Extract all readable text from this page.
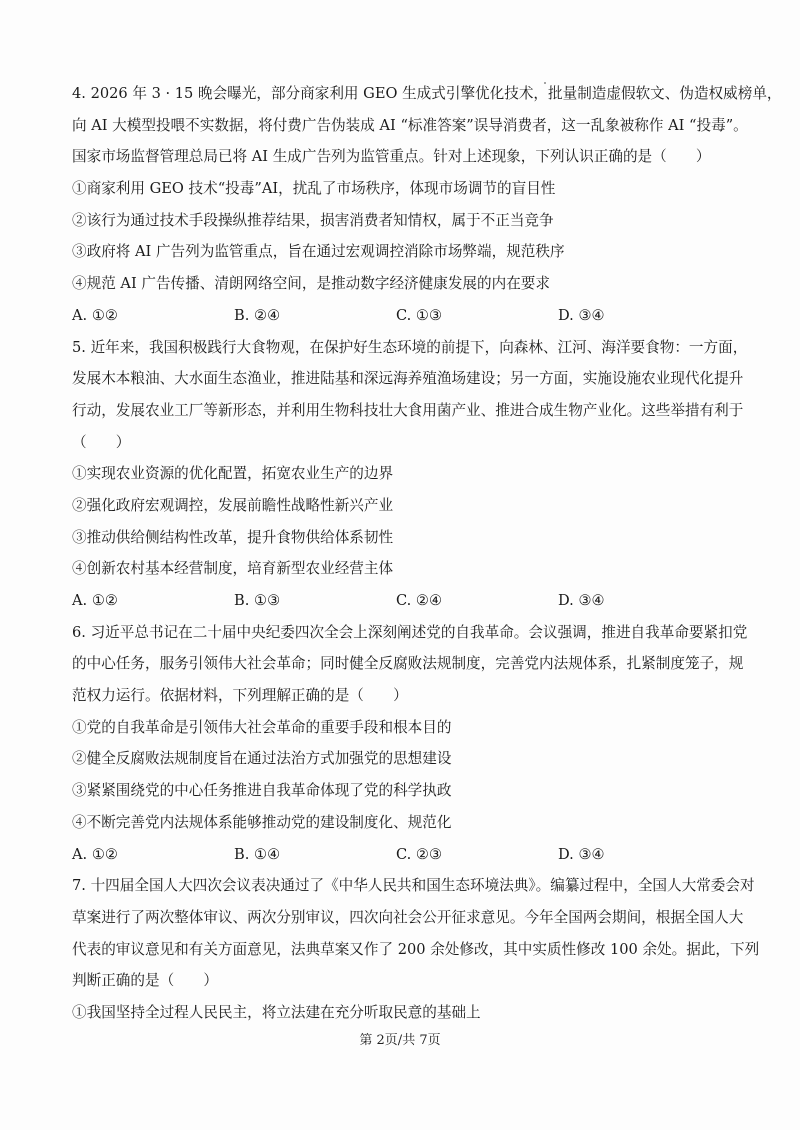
4. 2026 年 3 · 15 晚会曝光，部分商家利用 GEO 生成式引擎优化技术，批量制造虚假软文、伪造权威榜单，
向 AI 大模型投喂不实数据，将付费广告伪装成 AI “标准答案”误导消费者，这一乱象被称作 AI “投毒”。
国家市场监督管理总局已将 AI 生成广告列为监管重点。针对上述现象，下列认识正确的是（　　）
①商家利用 GEO 技术“投毒”AI，扰乱了市场秩序，体现市场调节的盲目性
②该行为通过技术手段操纵推荐结果，损害消费者知情权，属于不正当竞争
③政府将 AI 广告列为监管重点，旨在通过宏观调控消除市场弊端，规范秩序
④规范 AI 广告传播、清朗网络空间，是推动数字经济健康发展的内在要求
A. ①②	B. ②④	C. ①③	D. ③④
5. 近年来，我国积极践行大食物观，在保护好生态环境的前提下，向森林、江河、海洋要食物：一方面，
发展木本粮油、大水面生态渔业，推进陆基和深远海养殖渔场建设；另一方面，实施设施农业现代化提升
行动，发展农业工厂等新形态，并利用生物科技壮大食用菌产业、推进合成生物产业化。这些举措有利于
（　　）
①实现农业资源的优化配置，拓宽农业生产的边界
②强化政府宏观调控，发展前瞻性战略性新兴产业
③推动供给侧结构性改革，提升食物供给体系韧性
④创新农村基本经营制度，培育新型农业经营主体
A. ①②	B. ①③	C. ②④	D. ③④
6. 习近平总书记在二十届中央纪委四次全会上深刻阐述党的自我革命。会议强调，推进自我革命要紧扣党
的中心任务，服务引领伟大社会革命；同时健全反腐败法规制度，完善党内法规体系，扎紧制度笼子，规
范权力运行。依据材料，下列理解正确的是（　　）
①党的自我革命是引领伟大社会革命的重要手段和根本目的
②健全反腐败法规制度旨在通过法治方式加强党的思想建设
③紧紧围绕党的中心任务推进自我革命体现了党的科学执政
④不断完善党内法规体系能够推动党的建设制度化、规范化
A. ①②	B. ①④	C. ②③	D. ③④
7. 十四届全国人大四次会议表决通过了《中华人民共和国生态环境法典》。编纂过程中，全国人大常委会对
草案进行了两次整体审议、两次分别审议，四次向社会公开征求意见。今年全国两会期间，根据全国人大
代表的审议意见和有关方面意见，法典草案又作了 200 余处修改，其中实质性修改 100 余处。据此，下列
判断正确的是（　　）
①我国坚持全过程人民民主，将立法建在充分听取民意的基础上
第 2页/共 7页
